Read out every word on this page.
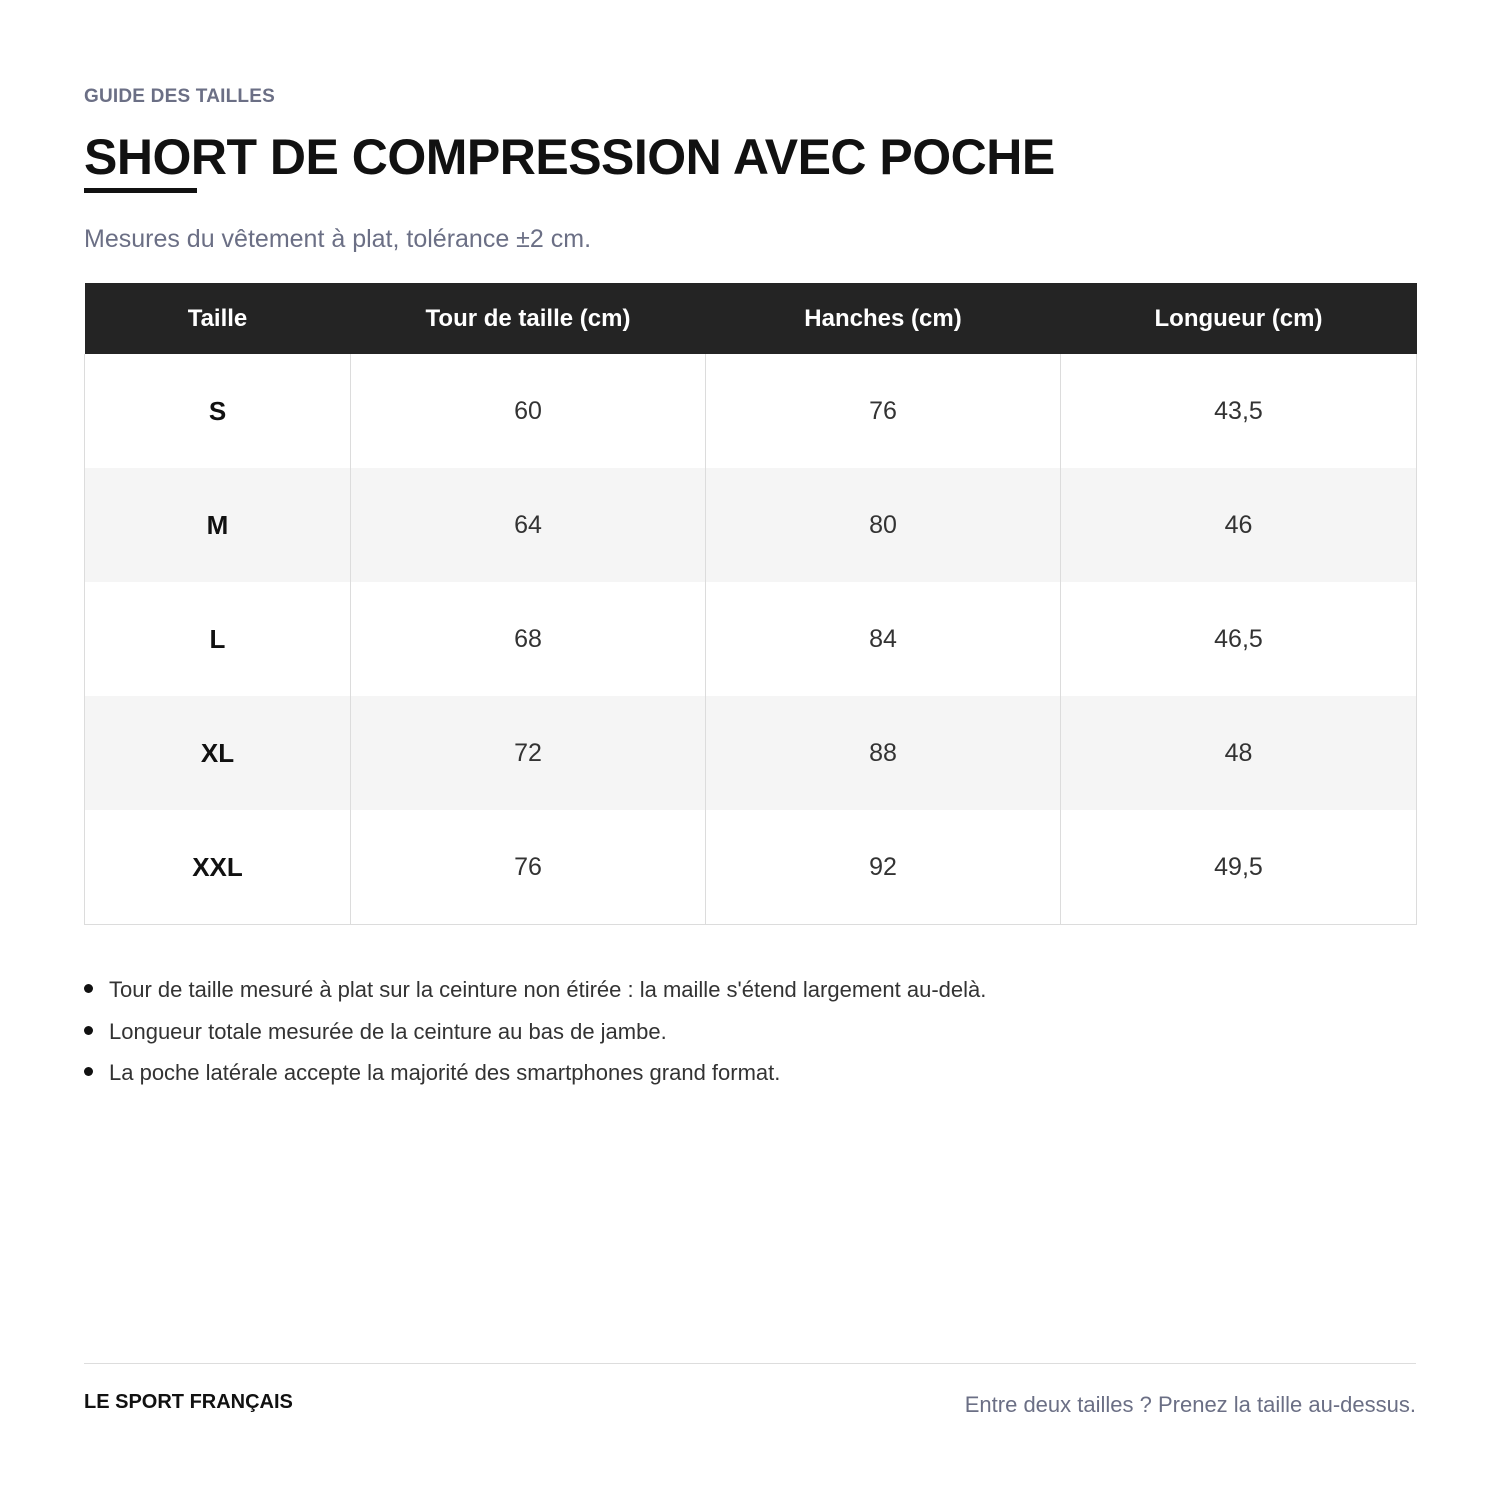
GUIDE DES TAILLES
SHORT DE COMPRESSION AVEC POCHE
Mesures du vêtement à plat, tolérance ±2 cm.
Taille	Tour de taille (cm)	Hanches (cm)	Longueur (cm)
S	60	76	43,5
M	64	80	46
L	68	84	46,5
XL	72	88	48
XXL	76	92	49,5
Tour de taille mesuré à plat sur la ceinture non étirée : la maille s'étend largement au-delà.
Longueur totale mesurée de la ceinture au bas de jambe.
La poche latérale accepte la majorité des smartphones grand format.
LE SPORT FRANÇAIS	Entre deux tailles ? Prenez la taille au-dessus.
